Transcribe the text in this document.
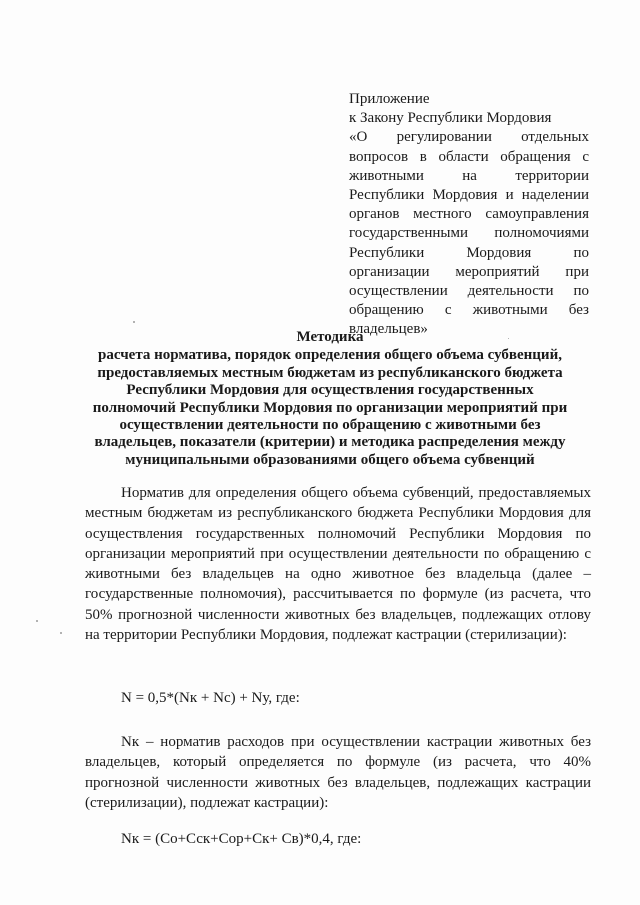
Приложение
к Закону Республики Мордовия
«О регулировании отдельных вопросов в области обращения с животными на территории Республики Мордовия и наделении органов местного самоуправления государственными полномочиями Республики Мордовия по организации мероприятий при осуществлении деятельности по обращению с животными без владельцев»
Методика
расчета норматива, порядок определения общего объема субвенций, предоставляемых местным бюджетам из республиканского бюджета Республики Мордовия для осуществления государственных полномочий Республики Мордовия по организации мероприятий при осуществлении деятельности по обращению с животными без владельцев, показатели (критерии) и методика распределения между муниципальными образованиями общего объема субвенций

Норматив для определения общего объема субвенций, предоставляемых местным бюджетам из республиканского бюджета Республики Мордовия для осуществления государственных полномочий Республики Мордовия по организации мероприятий при осуществлении деятельности по обращению с животными без владельцев на одно животное без владельца (далее – государственные полномочия), рассчитывается по формуле (из расчета, что 50% прогнозной численности животных без владельцев, подлежащих отлову на территории Республики Мордовия, подлежат кастрации (стерилизации):

N = 0,5*(Nк + Nс) + Nу, где:

Nк – норматив расходов при осуществлении кастрации животных без владельцев, который определяется по формуле (из расчета, что 40% прогнозной численности животных без владельцев, подлежащих кастрации (стерилизации), подлежат кастрации):

Nк = (Со+Сск+Сор+Ск+ Св)*0,4, где:
